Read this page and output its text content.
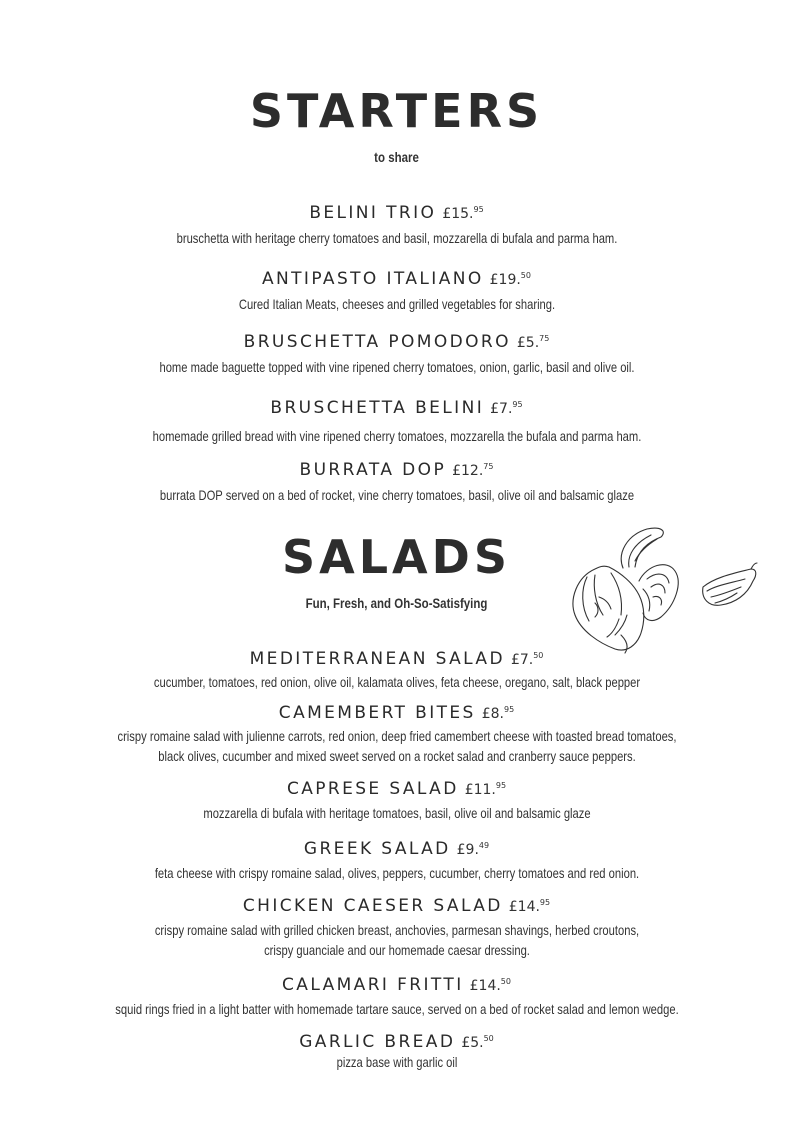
STARTERS
to share
BELINI TRIO £15.95
bruschetta with heritage cherry tomatoes and basil, mozzarella di bufala and parma ham.
ANTIPASTO ITALIANO £19.50
Cured Italian Meats, cheeses and grilled vegetables for sharing.
BRUSCHETTA POMODORO £5.75
home made baguette topped with vine ripened cherry tomatoes, onion, garlic, basil and olive oil.
BRUSCHETTA BELINI £7.95
homemade grilled bread with vine ripened cherry tomatoes, mozzarella the bufala and parma ham.
BURRATA DOP £12.75
burrata DOP served on a bed of rocket, vine cherry tomatoes, basil, olive oil and balsamic glaze
SALADS
Fun, Fresh, and Oh-So-Satisfying
MEDITERRANEAN SALAD £7.50
cucumber, tomatoes, red onion, olive oil, kalamata olives, feta cheese, oregano, salt, black pepper
CAMEMBERT BITES £8.95
crispy romaine salad with julienne carrots, red onion, deep fried camembert cheese with toasted bread tomatoes,
black olives, cucumber and mixed sweet served on a rocket salad and cranberry sauce peppers.
CAPRESE SALAD £11.95
mozzarella di bufala with heritage tomatoes, basil, olive oil and balsamic glaze
GREEK SALAD £9.49
feta cheese with crispy romaine salad, olives, peppers, cucumber, cherry tomatoes and red onion.
CHICKEN CAESER SALAD £14.95
crispy romaine salad with grilled chicken breast, anchovies, parmesan shavings, herbed croutons,
crispy guanciale and our homemade caesar dressing.
CALAMARI FRITTI £14.50
squid rings fried in a light batter with homemade tartare sauce, served on a bed of rocket salad and lemon wedge.
GARLIC BREAD £5.50
pizza base with garlic oil
